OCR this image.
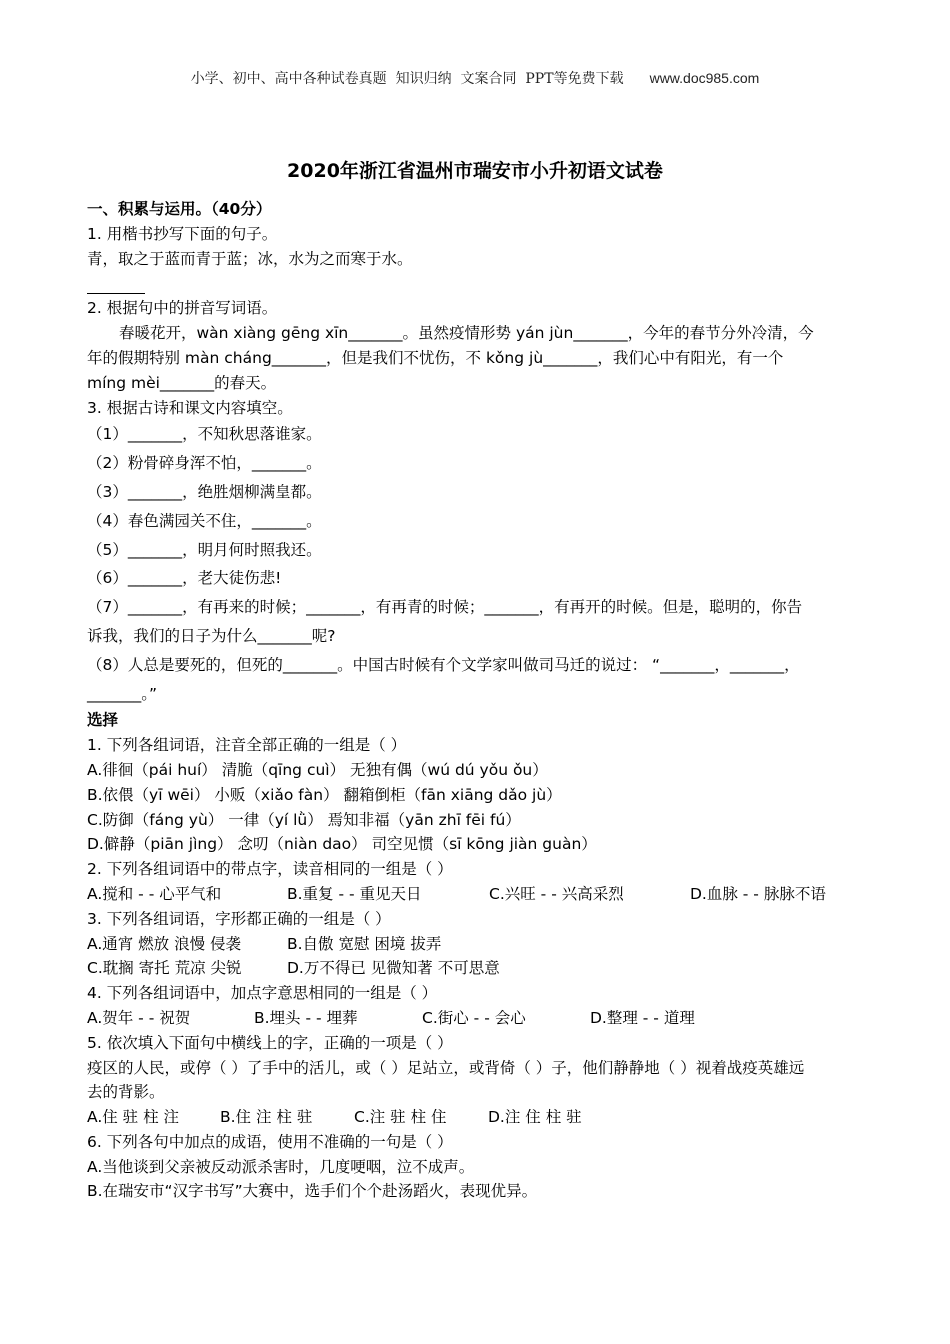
小学、初中、高中各种试卷真题  知识归纳  文案合同  PPT等免费下载 www.doc985.com
2020年浙江省温州市瑞安市小升初语文试卷
一、积累与运用。（40分）
1. 用楷书抄写下面的句子。
青，取之于蓝而青于蓝；冰，水为之而寒于水。
2. 根据句中的拼音写词语。
春暖花开，wàn xiàng gēng xīn_______。虽然疫情形势 yán jùn_______，今年的春节分外冷清，今
年的假期特别 màn cháng_______，但是我们不忧伤，不 kǒng jù_______，我们心中有阳光，有一个
míng mèi_______的春天。
3. 根据古诗和课文内容填空。
（1）_______，不知秋思落谁家。
（2）粉骨碎身浑不怕，_______。
（3）_______，绝胜烟柳满皇都。
（4）春色满园关不住，_______。
（5）_______，明月何时照我还。
（6）_______，老大徒伤悲!
（7）_______，有再来的时候；_______，有再青的时候；_______，有再开的时候。但是，聪明的，你告
诉我，我们的日子为什么_______呢?
（8）人总是要死的，但死的_______。中国古时候有个文学家叫做司马迁的说过： “_______，_______，
_______。”
选择
1. 下列各组词语，注音全部正确的一组是（ ）
A.徘徊（pái huí） 清脆（qīng cuì） 无独有偶（wú dú yǒu ǒu）
B.依偎（yī wēi） 小贩（xiǎo fàn） 翻箱倒柜（fān xiāng dǎo jù）
C.防御（fáng yù） 一律（yí lǜ） 焉知非福（yān zhī fēi fú）
D.僻静（piān jìng） 念叨（niàn dao） 司空见惯（sī kōng jiàn guàn）
2. 下列各组词语中的带点字，读音相同的一组是（ ）
A.搅和 - - 心平气和	B.重复 - - 重见天日	C.兴旺 - - 兴高采烈	D.血脉 - - 脉脉不语
3. 下列各组词语，字形都正确的一组是（ ）
A.通宵 燃放 浪慢 侵袭	B.自傲 宽慰 困境 拔弄
C.耽搁 寄托 荒凉 尖锐	D.万不得已 见微知著 不可思意
4. 下列各组词语中，加点字意思相同的一组是（ ）
A.贺年 - - 祝贺	B.埋头 - - 埋葬	C.街心 - - 会心	D.整理 - - 道理
5. 依次填入下面句中横线上的字，正确的一项是（ ）
疫区的人民，或停（ ）了手中的活儿，或（ ）足站立，或背倚（ ）子，他们静静地（ ）视着战疫英雄远
去的背影。
A.住 驻 柱 注	B.住 注 柱 驻	C.注 驻 柱 住	D.注 住 柱 驻
6. 下列各句中加点的成语，使用不准确的一句是（ ）
A.当他谈到父亲被反动派杀害时，几度哽咽，泣不成声。
B.在瑞安市“汉字书写”大赛中，选手们个个赴汤蹈火，表现优异。
